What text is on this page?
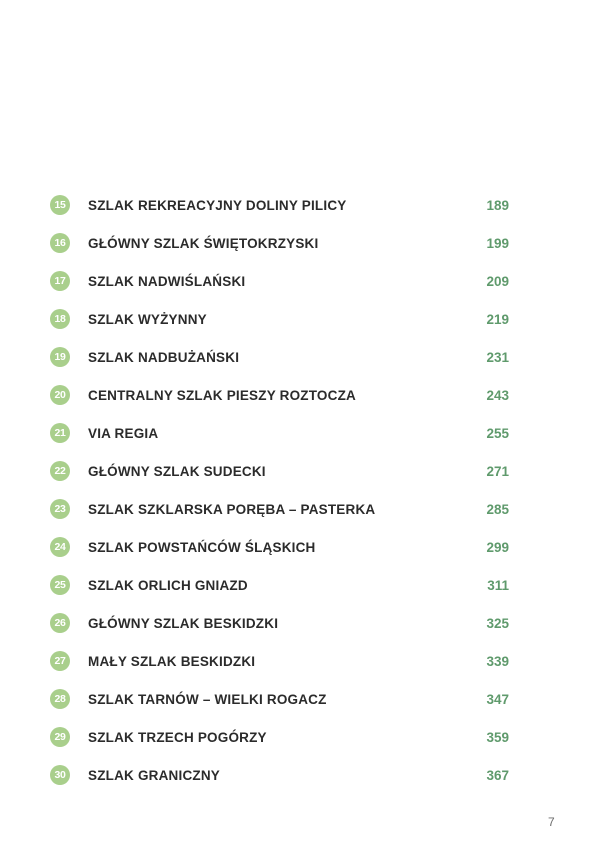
15	SZLAK REKREACYJNY DOLINY PILICY	189
16	GŁÓWNY SZLAK ŚWIĘTOKRZYSKI	199
17	SZLAK NADWIŚLAŃSKI	209
18	SZLAK WYŻYNNY	219
19	SZLAK NADBUŻAŃSKI	231
20	CENTRALNY SZLAK PIESZY ROZTOCZA	243
21	VIA REGIA	255
22	GŁÓWNY SZLAK SUDECKI	271
23	SZLAK SZKLARSKA PORĘBA – PASTERKA	285
24	SZLAK POWSTAŃCÓW ŚLĄSKICH	299
25	SZLAK ORLICH GNIAZD	311
26	GŁÓWNY SZLAK BESKIDZKI	325
27	MAŁY SZLAK BESKIDZKI	339
28	SZLAK TARNÓW – WIELKI ROGACZ	347
29	SZLAK TRZECH POGÓRZY	359
30	SZLAK GRANICZNY	367
7
